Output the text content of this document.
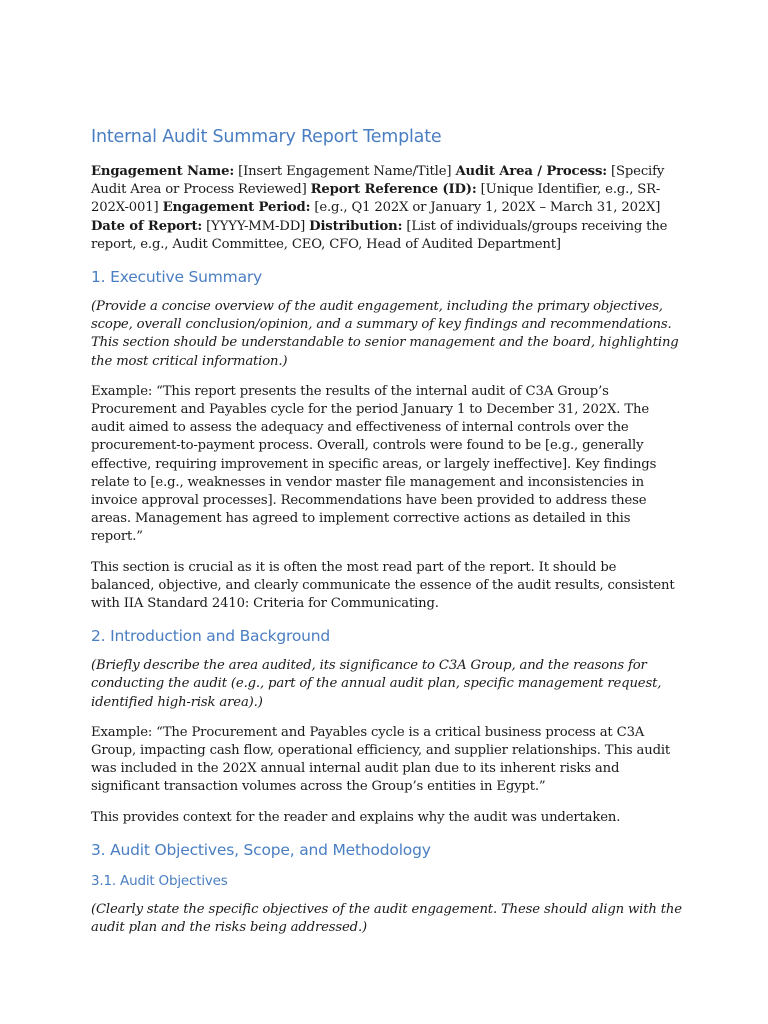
Internal Audit Summary Report Template

Engagement Name: [Insert Engagement Name/Title] Audit Area / Process: [Specify Audit Area or Process Reviewed] Report Reference (ID): [Unique Identifier, e.g., SR-202X-001] Engagement Period: [e.g., Q1 202X or January 1, 202X – March 31, 202X] Date of Report: [YYYY-MM-DD] Distribution: [List of individuals/groups receiving the report, e.g., Audit Committee, CEO, CFO, Head of Audited Department]

1. Executive Summary

(Provide a concise overview of the audit engagement, including the primary objectives, scope, overall conclusion/opinion, and a summary of key findings and recommendations. This section should be understandable to senior management and the board, highlighting the most critical information.)

Example: “This report presents the results of the internal audit of C3A Group’s Procurement and Payables cycle for the period January 1 to December 31, 202X. The audit aimed to assess the adequacy and effectiveness of internal controls over the procurement-to-payment process. Overall, controls were found to be [e.g., generally effective, requiring improvement in specific areas, or largely ineffective]. Key findings relate to [e.g., weaknesses in vendor master file management and inconsistencies in invoice approval processes]. Recommendations have been provided to address these areas. Management has agreed to implement corrective actions as detailed in this report.”

This section is crucial as it is often the most read part of the report. It should be balanced, objective, and clearly communicate the essence of the audit results, consistent with IIA Standard 2410: Criteria for Communicating.

2. Introduction and Background

(Briefly describe the area audited, its significance to C3A Group, and the reasons for conducting the audit (e.g., part of the annual audit plan, specific management request, identified high-risk area).)

Example: “The Procurement and Payables cycle is a critical business process at C3A Group, impacting cash flow, operational efficiency, and supplier relationships. This audit was included in the 202X annual internal audit plan due to its inherent risks and significant transaction volumes across the Group’s entities in Egypt.”

This provides context for the reader and explains why the audit was undertaken.

3. Audit Objectives, Scope, and Methodology
3.1. Audit Objectives

(Clearly state the specific objectives of the audit engagement. These should align with the audit plan and the risks being addressed.)
